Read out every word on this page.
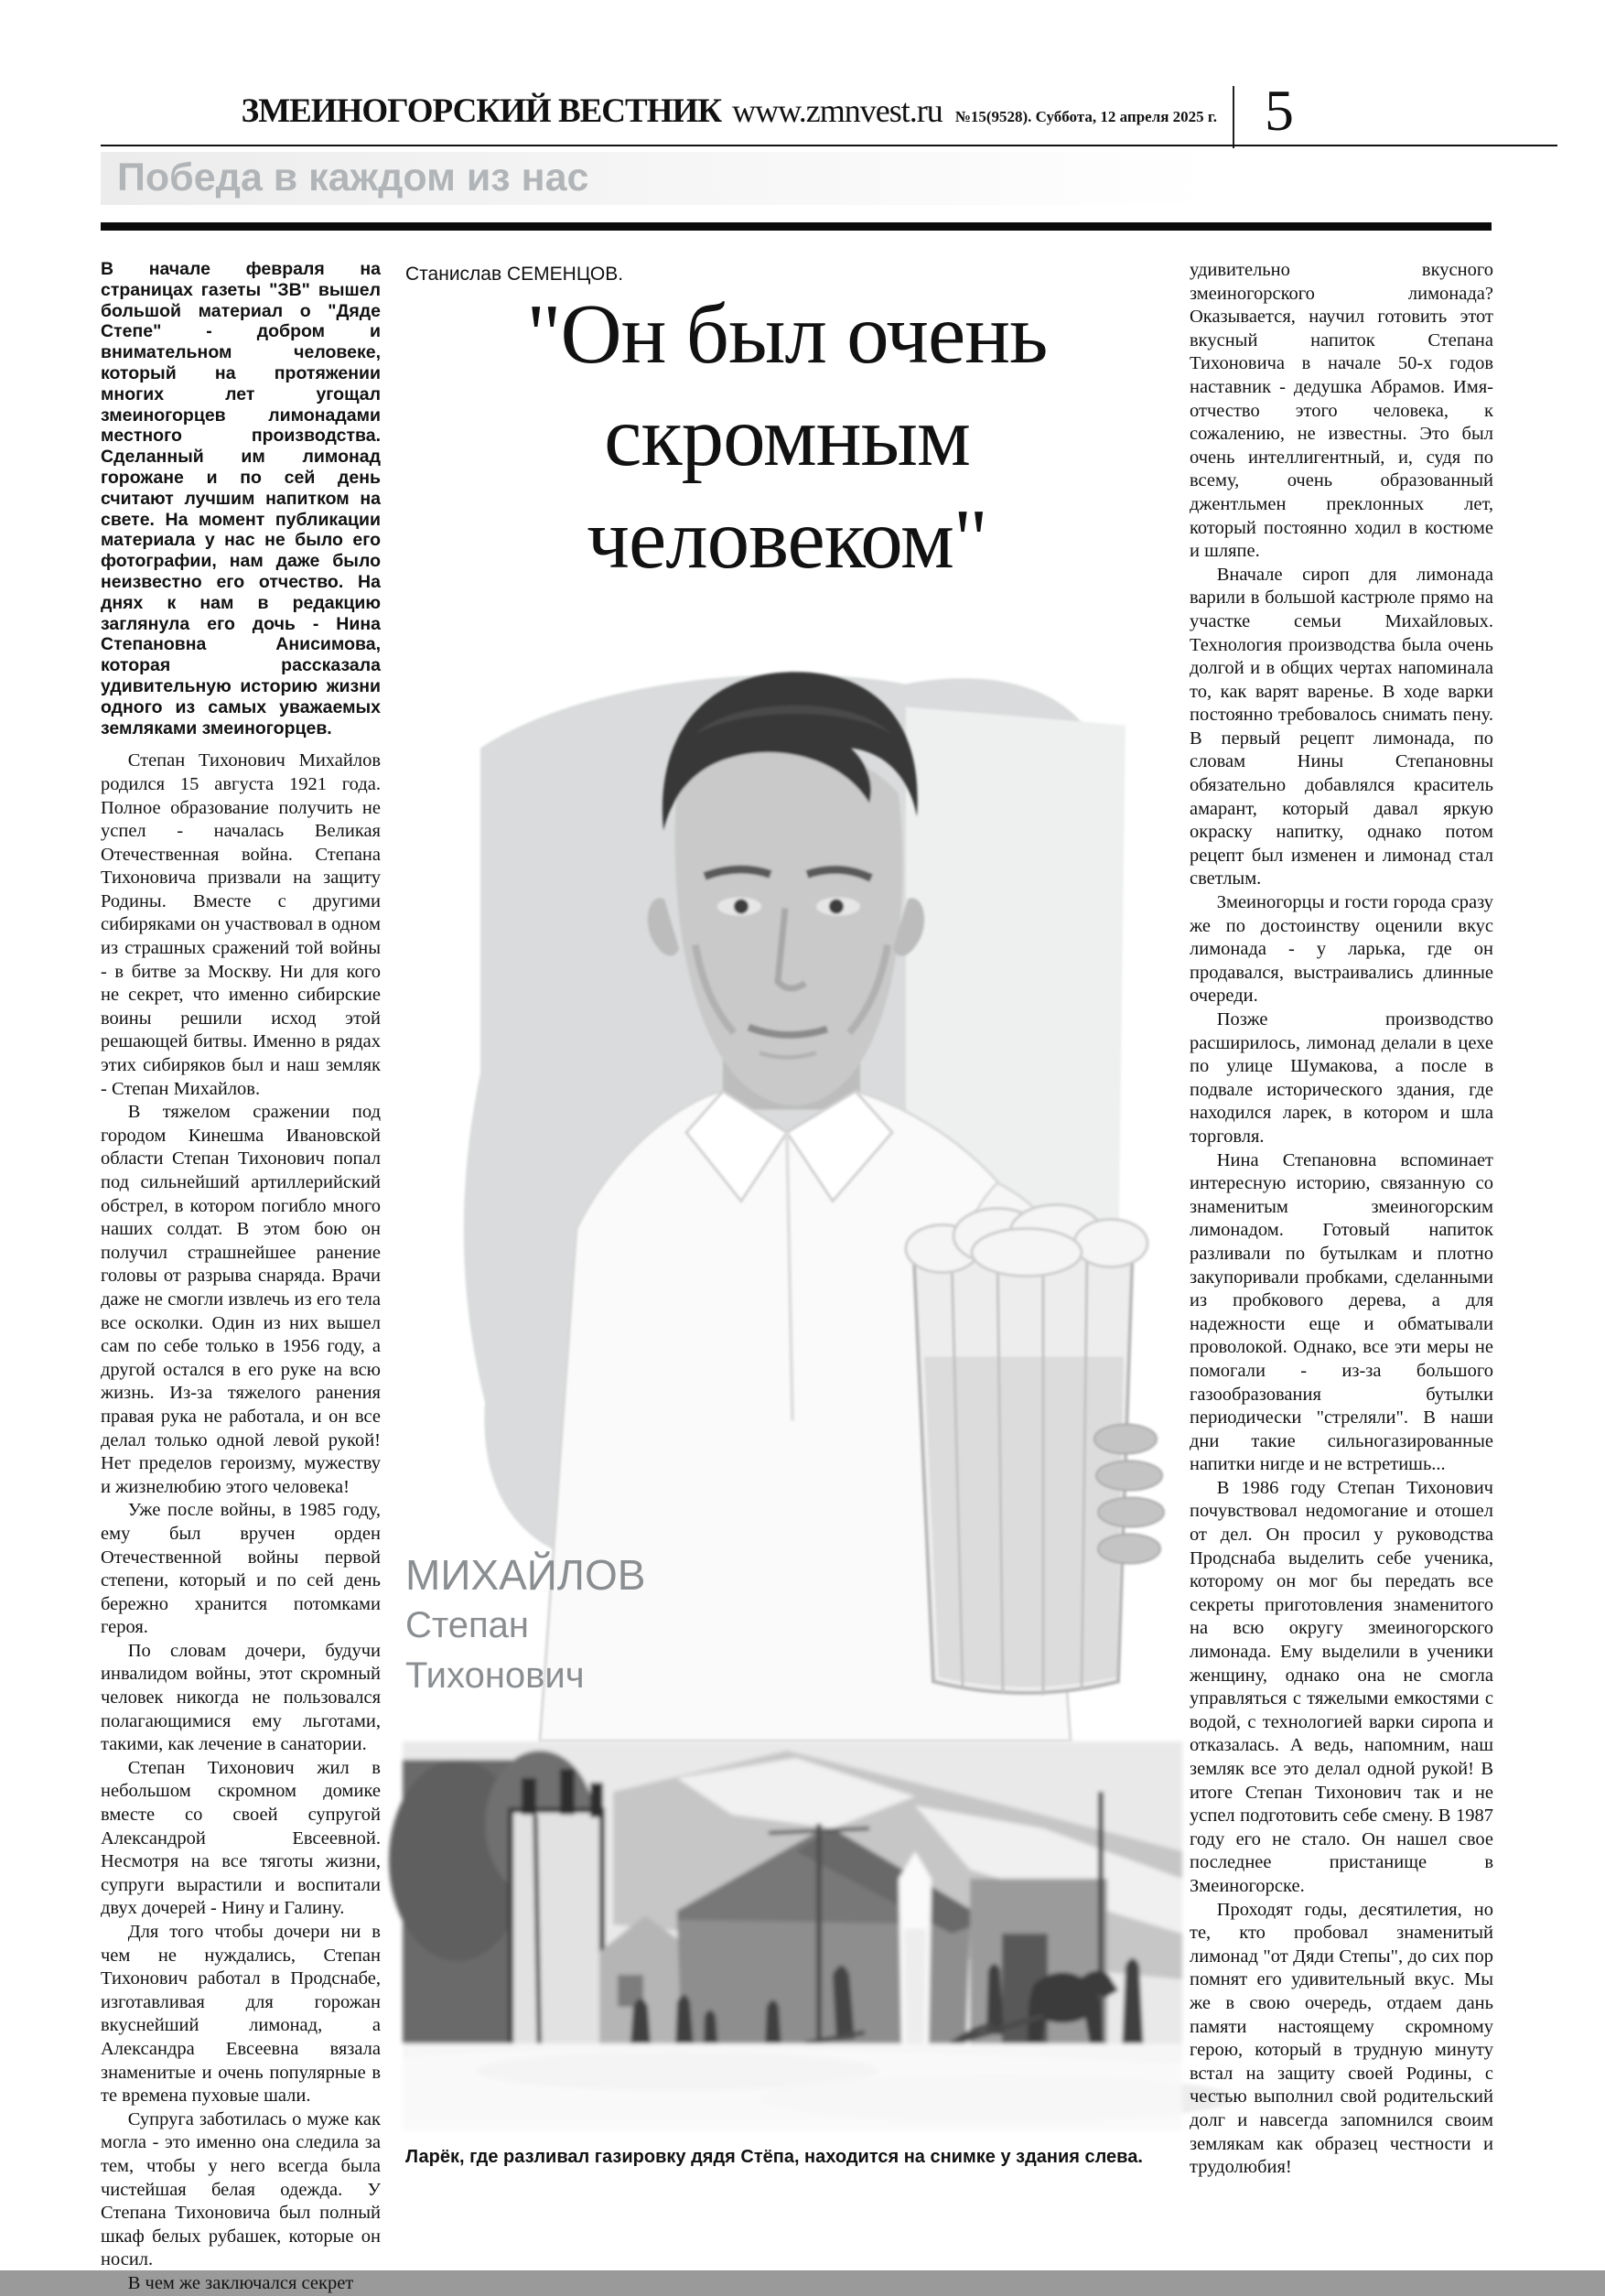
ЗМЕИНОГОРСКИЙ ВЕСТНИК www.zmnvest.ru №15(9528). Суббота, 12 апреля 2025 г. 5
Победа в каждом из нас

В начале февраля на страницах газеты "ЗВ" вышел большой материал о "Дяде Степе" - добром и внимательном человеке, который на протяжении многих лет угощал змеиногорцев лимонадами местного производства. Сделанный им лимонад горожане и по сей день считают лучшим напитком на свете. На момент публикации материала у нас не было его фотографии, нам даже было неизвестно его отчество. На днях к нам в редакцию заглянула его дочь - Нина Степановна Анисимова, которая рассказала удивительную историю жизни одного из самых уважаемых земляками змеиногорцев.

Степан Тихонович Михайлов родился 15 августа 1921 года. Полное образование получить не успел - началась Великая Отечественная война. Степана Тихоновича призвали на защиту Родины. Вместе с другими сибиряками он участвовал в одном из страшных сражений той войны - в битве за Москву. Ни для кого не секрет, что именно сибирские воины решили исход этой решающей битвы. Именно в рядах этих сибиряков был и наш земляк - Степан Михайлов.

В тяжелом сражении под городом Кинешма Ивановской области Степан Тихонович попал под сильнейший артиллерийский обстрел, в котором погибло много наших солдат. В этом бою он получил страшнейшее ранение головы от разрыва снаряда. Врачи даже не смогли извлечь из его тела все осколки. Один из них вышел сам по себе только в 1956 году, а другой остался в его руке на всю жизнь. Из-за тяжелого ранения правая рука не работала, и он все делал только одной левой рукой! Нет пределов героизму, мужеству и жизнелюбию этого человека!

Уже после войны, в 1985 году, ему был вручен орден Отечественной войны первой степени, который и по сей день бережно хранится потомками героя.

По словам дочери, будучи инвалидом войны, этот скромный человек никогда не пользовался полагающимися ему льготами, такими, как лечение в санатории.

Степан Тихонович жил в небольшом скромном домике вместе со своей супругой Александрой Евсеевной. Несмотря на все тяготы жизни, супруги вырастили и воспитали двух дочерей - Нину и Галину.

Для того чтобы дочери ни в чем не нуждались, Степан Тихонович работал в Продснабе, изготавливая для горожан вкуснейший лимонад, а Александра Евсеевна вязала знаменитые и очень популярные в те времена пуховые шали.

Супруга заботилась о муже как могла - это именно она следила за тем, чтобы у него всегда была чистейшая белая одежда. У Степана Тихоновича был полный шкаф белых рубашек, которые он носил.

В чем же заключался секрет

Станислав СЕМЕНЦОВ.
"Он был очень
скромным
человеком"
МИХАЙЛОВ
Степан
Тихонович
Ларёк, где разливал газировку дядя Стёпа, находится на снимке у здания слева.

удивительно вкусного змеиногорского лимонада? Оказывается, научил готовить этот вкусный напиток Степана Тихоновича в начале 50-х годов наставник - дедушка Абрамов. Имя-отчество этого человека, к сожалению, не известны. Это был очень интеллигентный, и, судя по всему, очень образованный джентльмен преклонных лет, который постоянно ходил в костюме и шляпе.

Вначале сироп для лимонада варили в большой кастрюле прямо на участке семьи Михайловых. Технология производства была очень долгой и в общих чертах напоминала то, как варят варенье. В ходе варки постоянно требовалось снимать пену. В первый рецепт лимонада, по словам Нины Степановны обязательно добавлялся краситель амарант, который давал яркую окраску напитку, однако потом рецепт был изменен и лимонад стал светлым.

Змеиногорцы и гости города сразу же по достоинству оценили вкус лимонада - у ларька, где он продавался, выстраивались длинные очереди.

Позже производство расширилось, лимонад делали в цехе по улице Шумакова, а после в подвале исторического здания, где находился ларек, в котором и шла торговля.

Нина Степановна вспоминает интересную историю, связанную со знаменитым змеиногорским лимонадом. Готовый напиток разливали по бутылкам и плотно закупоривали пробками, сделанными из пробкового дерева, а для надежности еще и обматывали проволокой. Однако, все эти меры не помогали - из-за большого газообразования бутылки периодически "стреляли". В наши дни такие сильногазированные напитки нигде и не встретишь...

В 1986 году Степан Тихонович почувствовал недомогание и отошел от дел. Он просил у руководства Продснаба выделить себе ученика, которому он мог бы передать все секреты приготовления знаменитого на всю округу змеиногорского лимонада. Ему выделили в ученики женщину, однако она не смогла управляться с тяжелыми емкостями с водой, с технологией варки сиропа и отказалась. А ведь, напомним, наш земляк все это делал одной рукой! В итоге Степан Тихонович так и не успел подготовить себе смену. В 1987 году его не стало. Он нашел свое последнее пристанище в Змеиногорске.

Проходят годы, десятилетия, но те, кто пробовал знаменитый лимонад "от Дяди Степы", до сих пор помнят его удивительный вкус. Мы же в свою очередь, отдаем дань памяти настоящему скромному герою, который в трудную минуту встал на защиту своей Родины, с честью выполнил свой родительский долг и навсегда запомнился своим землякам как образец честности и трудолюбия!
